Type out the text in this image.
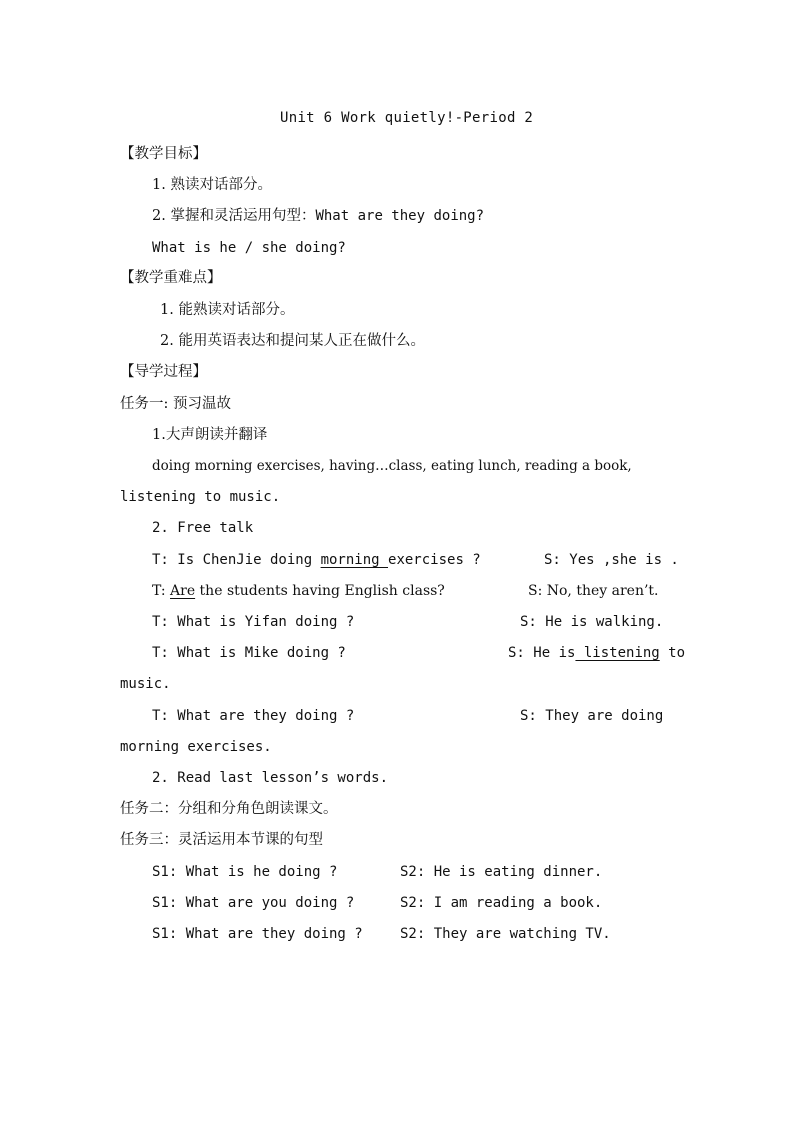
Unit 6 Work quietly!-Period 2
【教学目标】
1. 熟读对话部分。
2. 掌握和灵活运用句型：What are they doing?
What is he / she doing?
【教学重难点】
1. 能熟读对话部分。
2. 能用英语表达和提问某人正在做什么。
【导学过程】
任务一: 预习温故
1.大声朗读并翻译
doing morning exercises, having…class, eating lunch, reading a book,
listening to music.
2. Free talk
T: Is ChenJie doing morning exercises ?	S: Yes ,she is .
T: Are the students having English class?	S: No, they aren’t.
T: What is Yifan doing ?	S: He is walking.
T: What is Mike doing ?	S: He is listening to
music.
T: What are they doing ?	S: They are doing
morning exercises.
2. Read last lesson’s words.
任务二：分组和分角色朗读课文。
任务三：灵活运用本节课的句型
S1: What is he doing ?	S2: He is eating dinner.
S1: What are you doing ?	S2: I am reading a book.
S1: What are they doing ?	S2: They are watching TV.
